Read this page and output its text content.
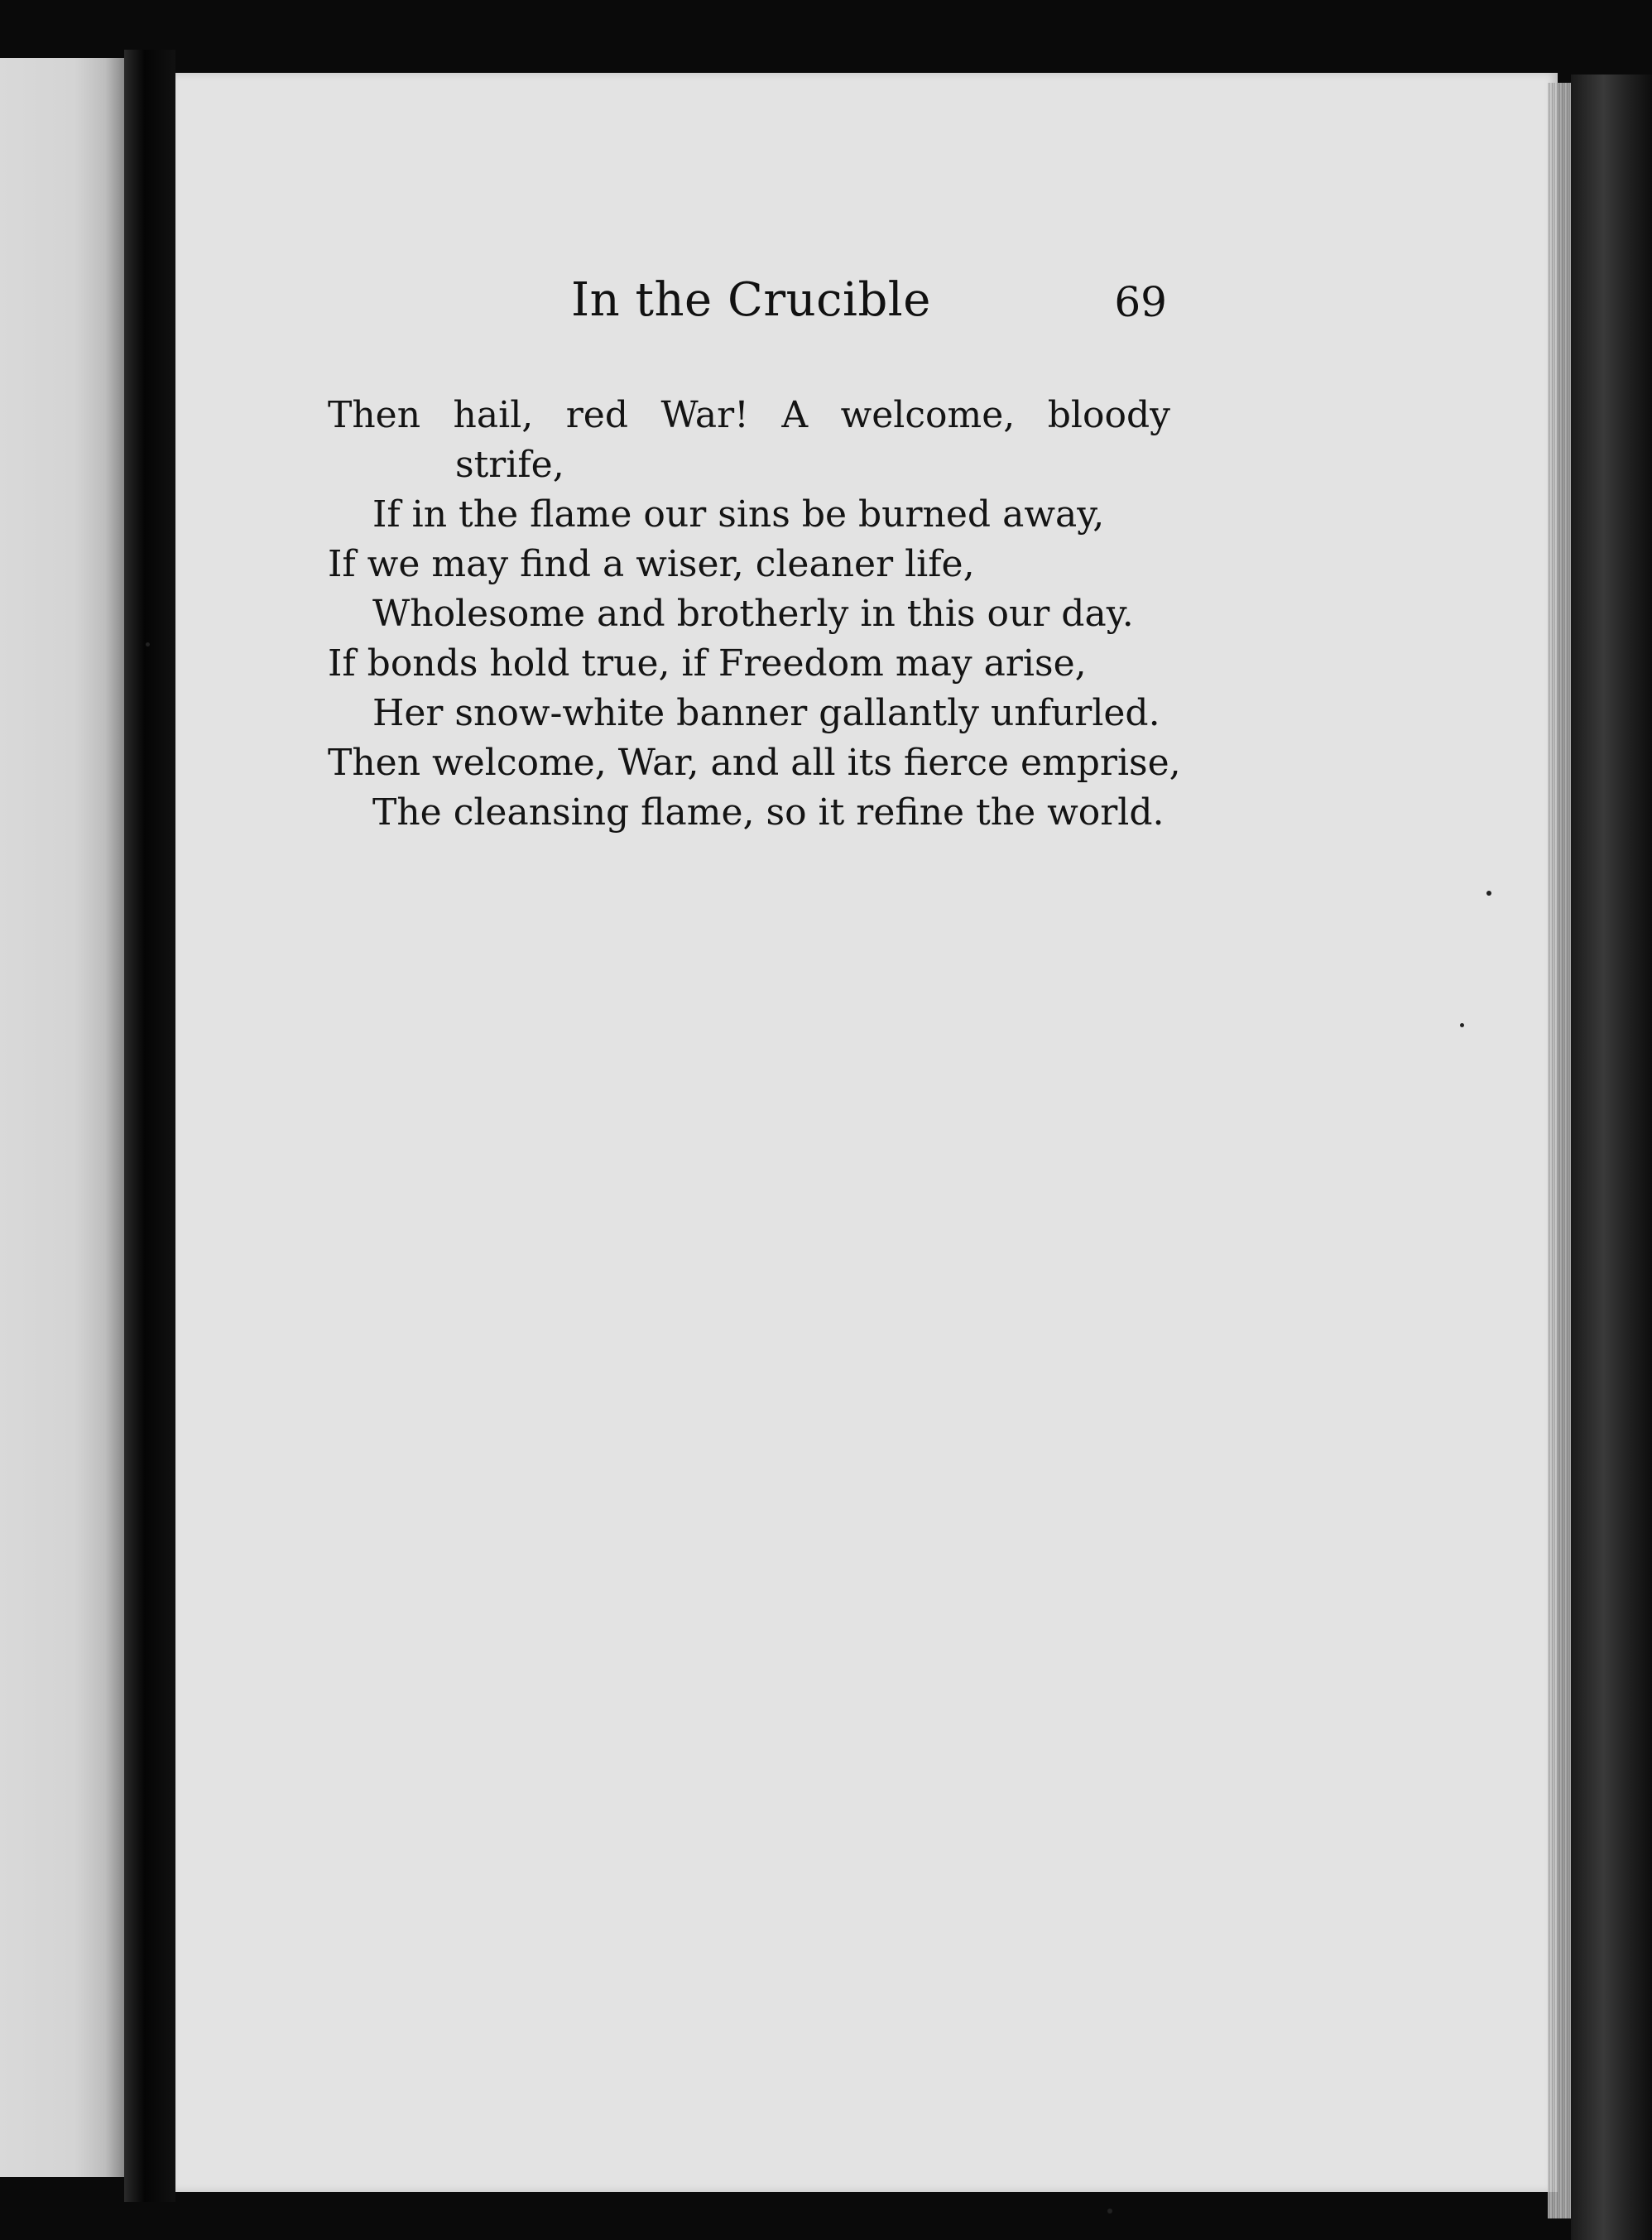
In the Crucible	69
Then hail, red War! A welcome, bloody
strife,
If in the flame our sins be burned away,
If we may find a wiser, cleaner life,
Wholesome and brotherly in this our day.
If bonds hold true, if Freedom may arise,
Her snow-white banner gallantly unfurled.
Then welcome, War, and all its fierce emprise,
The cleansing flame, so it refine the world.
